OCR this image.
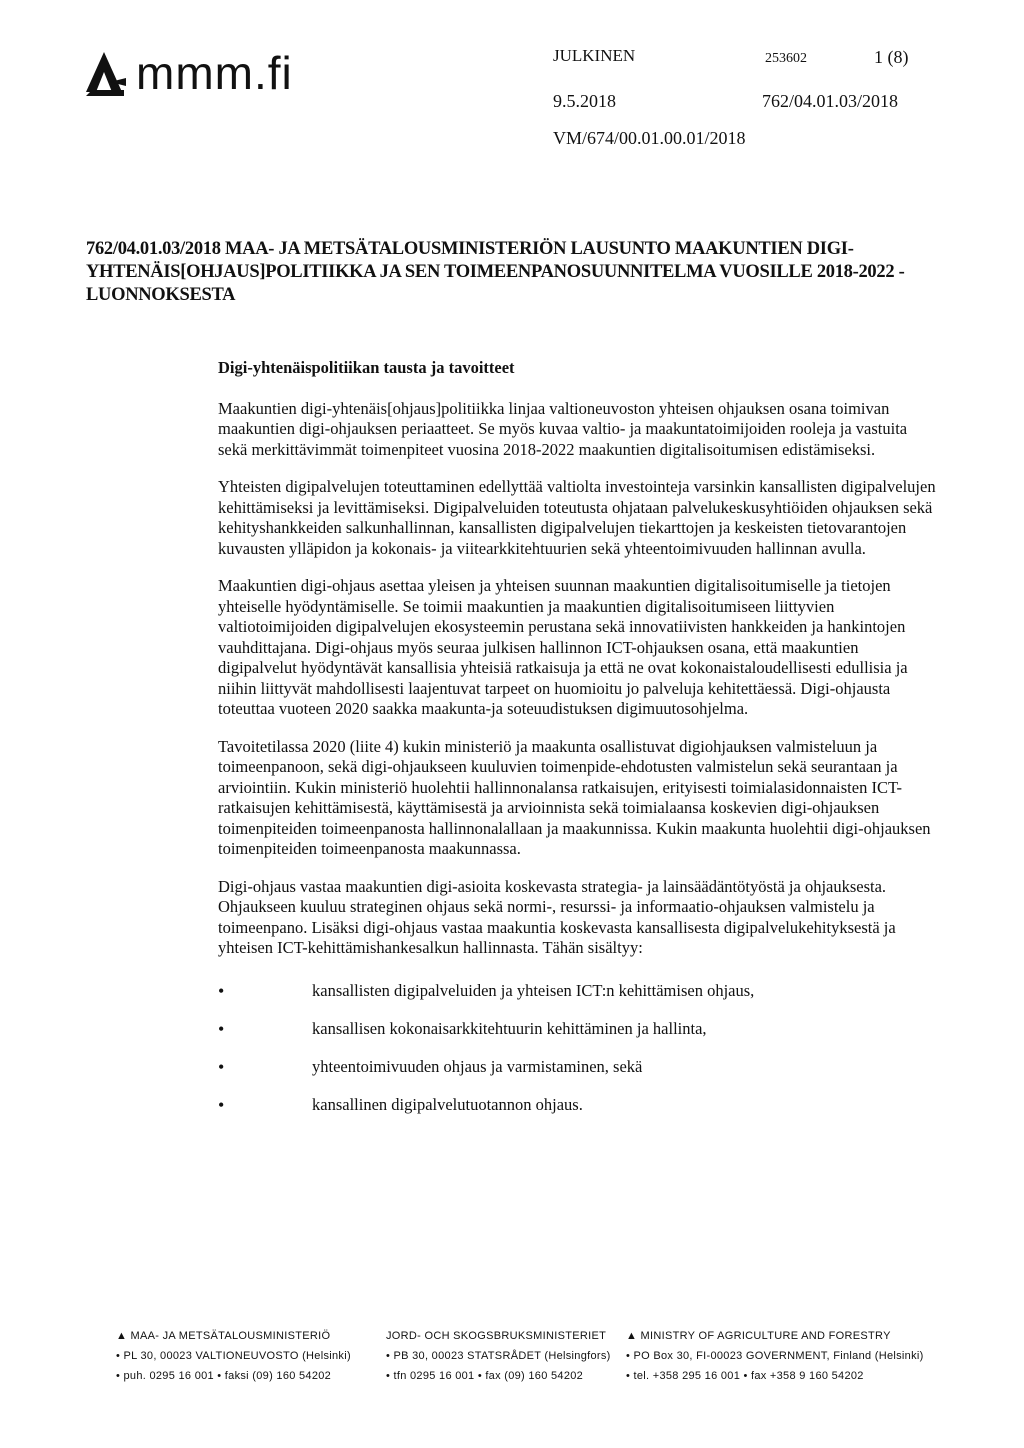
mmm.fi	JULKINEN	253602	1 (8)
9.5.2018	762/04.01.03/2018
VM/674/00.01.00.01/2018
762/04.01.03/2018 MAA- JA METSÄTALOUSMINISTERIÖN LAUSUNTO MAAKUNTIEN DIGI-YHTENÄIS[OHJAUS]POLITIIKKA JA SEN TOIMEENPANOSUUNNITELMA VUOSILLE 2018-2022 -LUONNOKSESTA
Digi-yhtenäispolitiikan tausta ja tavoitteet

Maakuntien digi-yhtenäis[ohjaus]politiikka linjaa valtioneuvoston yhteisen ohjauksen osana toimivan maakuntien digi-ohjauksen periaatteet. Se myös kuvaa valtio- ja maakuntatoimijoiden rooleja ja vastuita sekä merkittävimmät toimenpiteet vuosina 2018-2022 maakuntien digitalisoitumisen edistämiseksi.

Yhteisten digipalvelujen toteuttaminen edellyttää valtiolta investointeja varsinkin kansallisten digipalvelujen kehittämiseksi ja levittämiseksi. Digipalveluiden toteutusta ohjataan palvelukeskusyhtiöiden ohjauksen sekä kehityshankkeiden salkunhallinnan, kansallisten digipalvelujen tiekarttojen ja keskeisten tietovarantojen kuvausten ylläpidon ja kokonais- ja viitearkkitehtuurien sekä yhteentoimivuuden hallinnan avulla.

Maakuntien digi-ohjaus asettaa yleisen ja yhteisen suunnan maakuntien digitalisoitumiselle ja tietojen yhteiselle hyödyntämiselle. Se toimii maakuntien ja maakuntien digitalisoitumiseen liittyvien valtiotoimijoiden digipalvelujen ekosysteemin perustana sekä innovatiivisten hankkeiden ja hankintojen vauhdittajana. Digi-ohjaus myös seuraa julkisen hallinnon ICT-ohjauksen osana, että maakuntien digipalvelut hyödyntävät kansallisia yhteisiä ratkaisuja ja että ne ovat kokonaistaloudellisesti edullisia ja niihin liittyvät mahdollisesti laajentuvat tarpeet on huomioitu jo palveluja kehitettäessä. Digi-ohjausta toteuttaa vuoteen 2020 saakka maakunta-ja soteuudistuksen digimuutosohjelma.

Tavoitetilassa 2020 (liite 4) kukin ministeriö ja maakunta osallistuvat digiohjauksen valmisteluun ja toimeenpanoon, sekä digi-ohjaukseen kuuluvien toimenpide-ehdotusten valmistelun sekä seurantaan ja arviointiin. Kukin ministeriö huolehtii hallinnonalansa ratkaisujen, erityisesti toimialasidonnaisten ICT-ratkaisujen kehittämisestä, käyttämisestä ja arvioinnista sekä toimialaansa koskevien digi-ohjauksen toimenpiteiden toimeenpanosta hallinnonalallaan ja maakunnissa. Kukin maakunta huolehtii digi-ohjauksen toimenpiteiden toimeenpanosta maakunnassa.

Digi-ohjaus vastaa maakuntien digi-asioita koskevasta strategia- ja lainsäädäntötyöstä ja ohjauksesta. Ohjaukseen kuuluu strateginen ohjaus sekä normi-, resurssi- ja informaatio-ohjauksen valmistelu ja toimeenpano. Lisäksi digi-ohjaus vastaa maakuntia koskevasta kansallisesta digipalvelukehityksestä ja yhteisen ICT-kehittämishankesalkun hallinnasta. Tähän sisältyy:

•	kansallisten digipalveluiden ja yhteisen ICT:n kehittämisen ohjaus,
•	kansallisen kokonaisarkkitehtuurin kehittäminen ja hallinta,
•	yhteentoimivuuden ohjaus ja varmistaminen, sekä
•	kansallinen digipalvelutuotannon ohjaus.
▲ MAA- JA METSÄTALOUSMINISTERIÖ
• PL 30, 00023 VALTIONEUVOSTO (Helsinki)
• puh. 0295 16 001 • faksi (09) 160 54202
JORD- OCH SKOGSBRUKSMINISTERIET
• PB 30, 00023 STATSRÅDET (Helsingfors)
• tfn 0295 16 001 • fax (09) 160 54202
▲ MINISTRY OF AGRICULTURE AND FORESTRY
• PO Box 30, FI-00023 GOVERNMENT, Finland (Helsinki)
• tel. +358 295 16 001 • fax +358 9 160 54202
